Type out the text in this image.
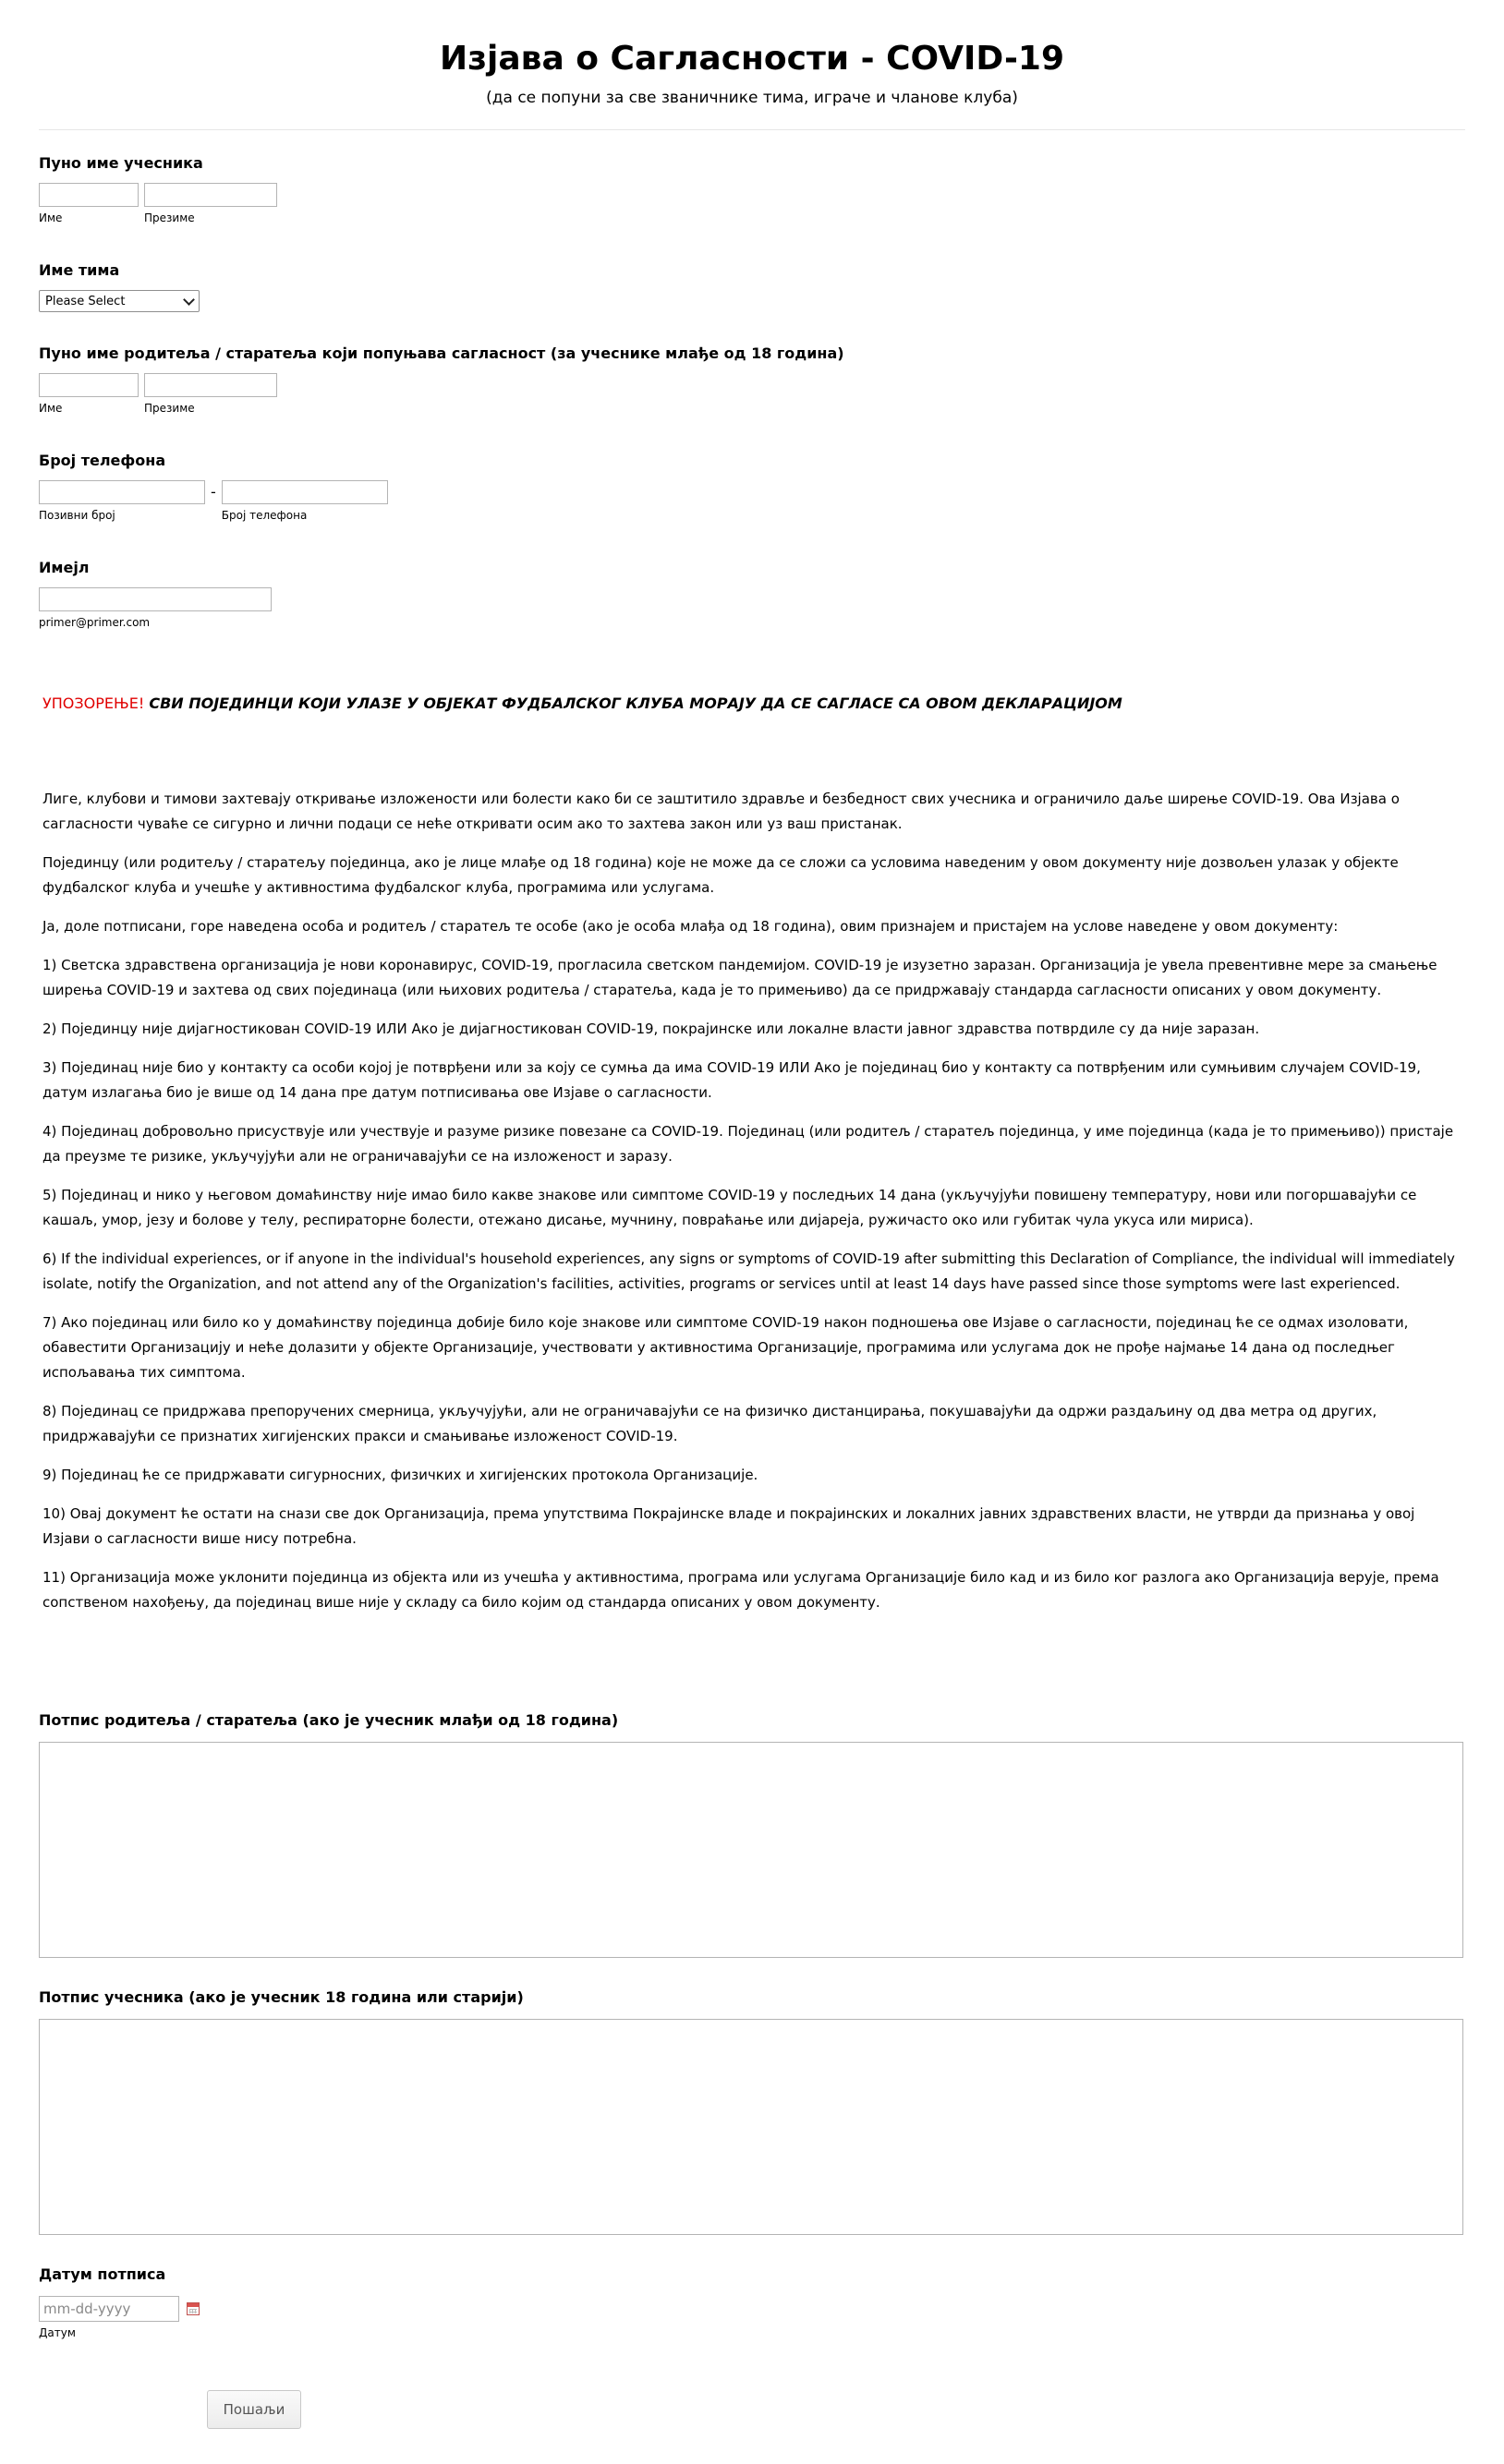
Изјава о Сагласности - COVID-19
(да се попуни за све званичнике тима, играче и чланове клуба)
Пуно име учесника
Име	Презиме
Име тима
Please Select
Пуно име родитеља / старатеља који попуњава сагласност (за учеснике млађе од 18 година)
Име	Презиме
Број телефона
Позивни број
-
Број телефона
Имејл
primer@primer.com
УПОЗОРЕЊЕ! СВИ ПОЈЕДИНЦИ КОЈИ УЛАЗЕ У ОБЈЕКАТ ФУДБАЛСКОГ КЛУБА МОРАЈУ ДА СЕ САГЛАСЕ СА ОВОМ ДЕКЛАРАЦИЈОМ

Лиге, клубови и тимови захтевају откривање изложености или болести како би се заштитило здравље и безбедност свих учесника и ограничило даље ширење COVID-19. Ова Изјава о сагласности чуваће се сигурно и лични подаци се неће откривати осим ако то захтева закон или уз ваш пристанак.

Појединцу (или родитељу / старатељу појединца, ако је лице млађе од 18 година) које не може да се сложи са условима наведеним у овом документу није дозвољен улазак у објекте фудбалског клуба и учешће у активностима фудбалског клуба, програмима или услугама.

Ја, доле потписани, горе наведена особа и родитељ / старатељ те особе (ако је особа млађа од 18 година), овим признајем и пристајем на услове наведене у овом документу:

1) Светска здравствена организација је нови коронавирус, COVID-19, прогласила светском пандемијом. COVID-19 је изузетно заразан. Организација је увела превентивне мере за смањење ширења COVID-19 и захтева од свих појединаца (или њихових родитеља / старатеља, када је то примењиво) да се придржавају стандарда сагласности описаних у овом документу.

2) Појединцу није дијагностикован COVID-19 ИЛИ Ако је дијагностикован COVID-19, покрајинске или локалне власти јавног здравства потврдиле су да није заразан.

3) Појединац није био у контакту са особи којој је потврђени или за коју се сумња да има COVID-19 ИЛИ Ако је појединац био у контакту са потврђеним или сумњивим случајем COVID-19, датум излагања био је више од 14 дана пре датум потписивања ове Изјаве о сагласности.

4) Појединац добровољно присуствује или учествује и разуме ризике повезане са COVID-19. Појединац (или родитељ / старатељ појединца, у име појединца (када је то примењиво)) пристаје да преузме те ризике, укључујући али не ограничавајући се на изложеност и заразу.

5) Појединац и нико у његовом домаћинству није имао било какве знакове или симптоме COVID-19 у последњих 14 дана (укључујући повишену температуру, нови или погоршавајући се кашаљ, умор, језу и болове у телу, респираторне болести, отежано дисање, мучнину, повраћање или дијареја, ружичасто око или губитак чула укуса или мириса).

6) If the individual experiences, or if anyone in the individual's household experiences, any signs or symptoms of COVID-19 after submitting this Declaration of Compliance, the individual will immediately isolate, notify the Organization, and not attend any of the Organization's facilities, activities, programs or services until at least 14 days have passed since those symptoms were last experienced.

7) Ако појединац или било ко у домаћинству појединца добије било које знакове или симптоме COVID-19 након подношења ове Изјаве о сагласности, појединац ће се одмах изоловати, обавестити Организацију и неће долазити у објекте Организације, учествовати у активностима Организације, програмима или услугама док не прође најмање 14 дана од последњег испољавања тих симптома.

8) Појединац се придржава препоручених смерница, укључујући, али не ограничавајући се на физичко дистанцирања, покушавајући да одржи раздаљину од два метра од других, придржавајући се признатих хигијенских пракси и смањивање изложеност COVID-19.

9) Појединац ће се придржавати сигурносних, физичких и хигијенских протокола Организације.

10) Овај документ ће остати на снази све док Организација, према упутствима Покрајинске владе и покрајинских и локалних јавних здравствених власти, не утврди да признања у овој Изјави о сагласности више нису потребна.

11) Организација може уклонити појединца из објекта или из учешћа у активностима, програма или услугама Организације било кад и из било ког разлога ако Организација верује, према сопственом нахођењу, да појединац више није у складу са било којим од стандарда описаних у овом документу.

Потпис родитеља / старатеља (ако је учесник млађи од 18 година)
Потпис учесника (ако је учесник 18 година или старији)
Датум потписа
mm-dd-yyyy
Датум
Пошаљи
